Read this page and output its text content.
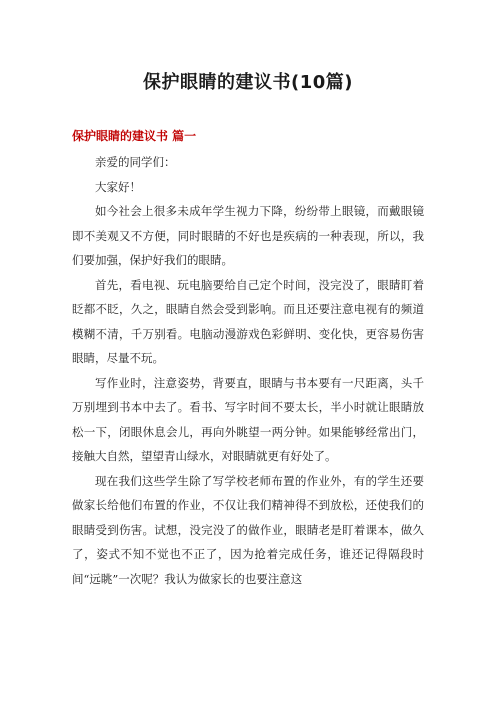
保护眼睛的建议书(10篇)
保护眼睛的建议书 篇一

亲爱的同学们：

大家好！

如今社会上很多未成年学生视力下降，纷纷带上眼镜，而戴眼镜即不美观又不方便，同时眼睛的不好也是疾病的一种表现，所以，我们要加强，保护好我们的眼睛。

首先，看电视、玩电脑要给自己定个时间，没完没了，眼睛盯着眨都不眨，久之，眼睛自然会受到影响。而且还要注意电视有的频道模糊不清，千万别看。电脑动漫游戏色彩鲜明、变化快，更容易伤害眼睛，尽量不玩。

写作业时，注意姿势，背要直，眼睛与书本要有一尺距离，头千万别埋到书本中去了。看书、写字时间不要太长，半小时就让眼睛放松一下，闭眼休息会儿，再向外眺望一两分钟。如果能够经常出门，接触大自然，望望青山绿水，对眼睛就更有好处了。

现在我们这些学生除了写学校老师布置的作业外，有的学生还要做家长给他们布置的作业，不仅让我们精神得不到放松，还使我们的眼睛受到伤害。试想，没完没了的做作业，眼睛老是盯着课本，做久了，姿式不知不觉也不正了，因为抢着完成任务，谁还记得隔段时间“远眺”一次呢？我认为做家长的也要注意这
